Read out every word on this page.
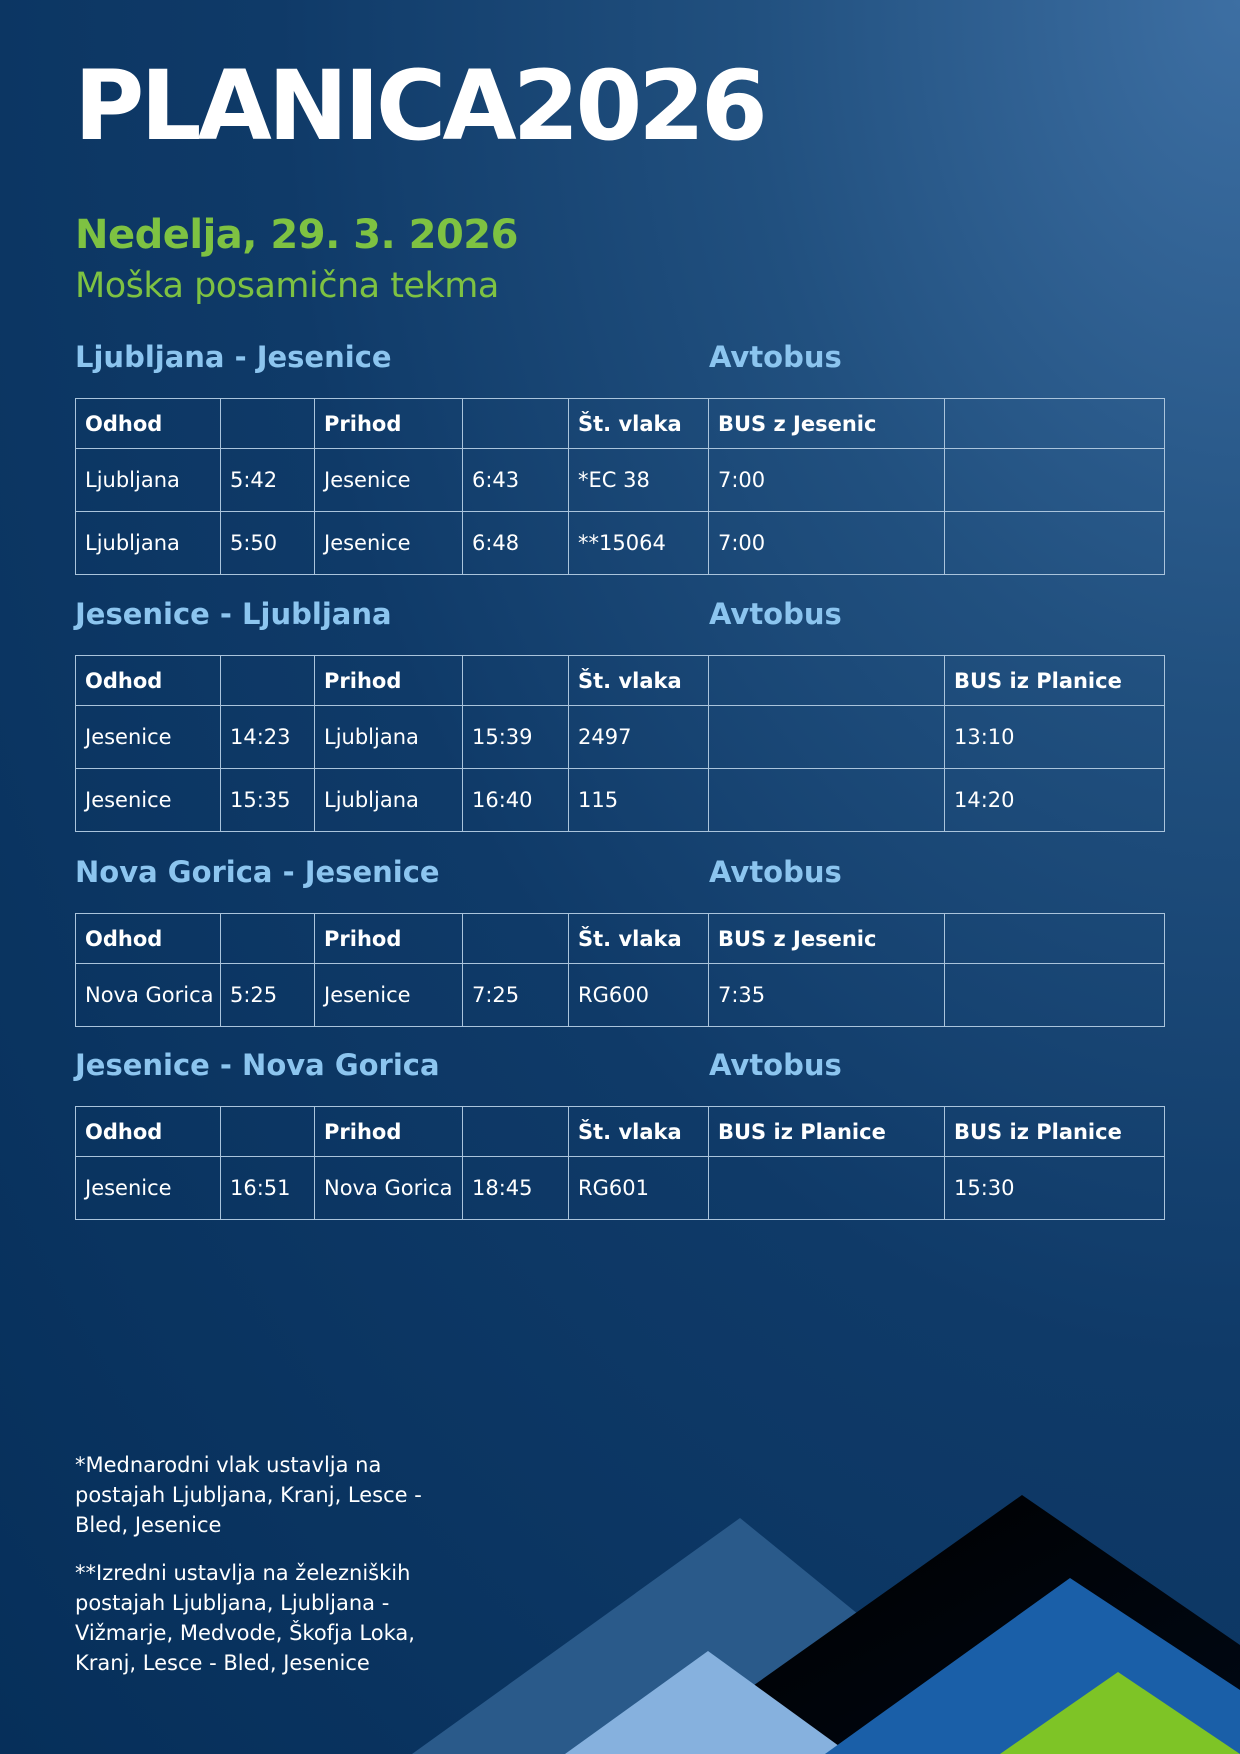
PLANICA2026
Nedelja, 29. 3. 2026
Moška posamična tekma
Ljubljana - Jesenice	Avtobus
Odhod		Prihod		Št. vlaka	BUS z Jesenic	
Ljubljana	5:42	Jesenice	6:43	*EC 38	7:00	
Ljubljana	5:50	Jesenice	6:48	**15064	7:00	
Jesenice - Ljubljana	Avtobus
Odhod		Prihod		Št. vlaka		BUS iz Planice
Jesenice	14:23	Ljubljana	15:39	2497		13:10
Jesenice	15:35	Ljubljana	16:40	115		14:20
Nova Gorica - Jesenice	Avtobus
Odhod		Prihod		Št. vlaka	BUS z Jesenic	
Nova Gorica	5:25	Jesenice	7:25	RG600	7:35	
Jesenice - Nova Gorica	Avtobus
Odhod		Prihod		Št. vlaka	BUS iz Planice	BUS iz Planice
Jesenice	16:51	Nova Gorica	18:45	RG601		15:30
*Mednarodni vlak ustavlja na postajah Ljubljana, Kranj, Lesce - Bled, Jesenice
**Izredni ustavlja na železniških postajah Ljubljana, Ljubljana - Vižmarje, Medvode, Škofja Loka, Kranj, Lesce - Bled, Jesenice
